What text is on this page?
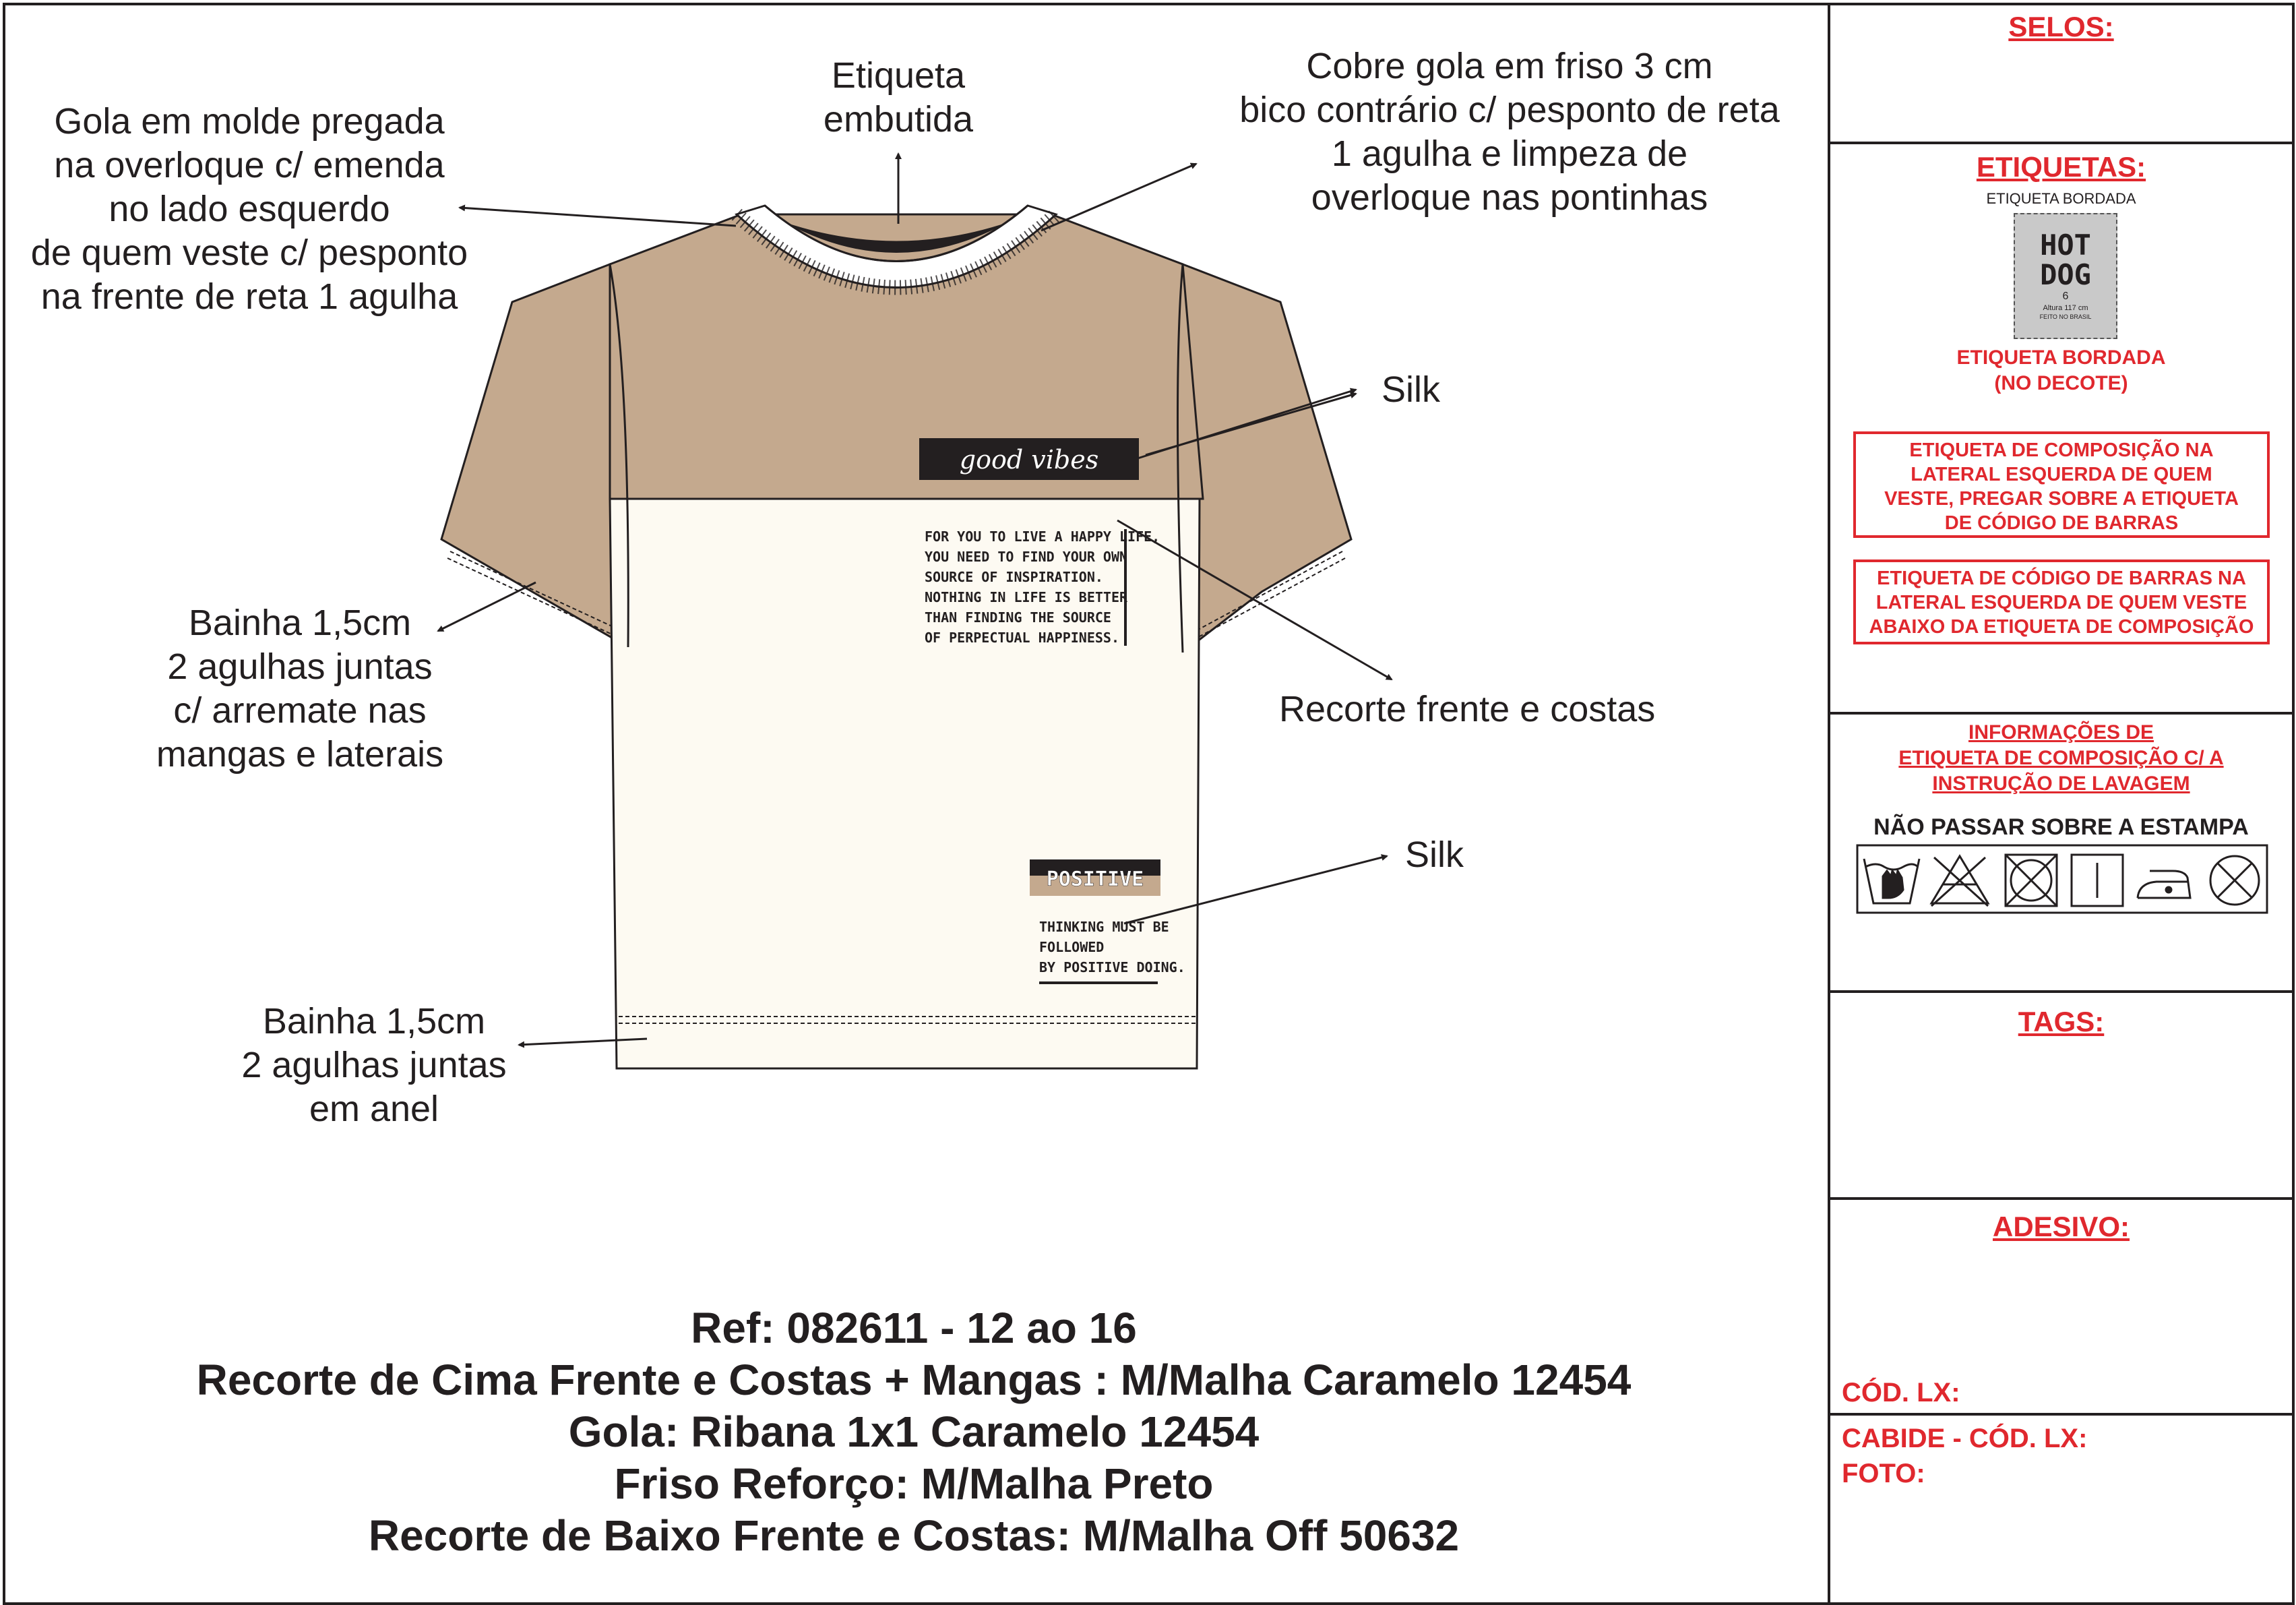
good vibes
FOR YOU TO LIVE A HAPPY LIFE,
YOU NEED TO FIND YOUR OWN
SOURCE OF INSPIRATION.
NOTHING IN LIFE IS BETTER
THAN FINDING THE SOURCE
OF PERPECTUAL HAPPINESS.
POSITIVE
THINKING MUST BE
FOLLOWED
BY POSITIVE DOING.
Gola em molde pregada
na overloque c/ emenda
no lado esquerdo
de quem veste c/ pesponto
na frente de reta 1 agulha
Etiqueta
embutida
Cobre gola em friso 3 cm
bico contrário c/ pesponto de reta
1 agulha e limpeza de
overloque nas pontinhas
Silk
Bainha 1,5cm
2 agulhas juntas
c/ arremate nas
mangas e laterais
Recorte frente e costas
Silk
Bainha 1,5cm
2 agulhas juntas
em anel
Ref: 082611 - 12 ao 16
Recorte de Cima Frente e Costas + Mangas : M/Malha Caramelo 12454
Gola: Ribana 1x1 Caramelo 12454
Friso Reforço: M/Malha Preto
Recorte de Baixo Frente e Costas: M/Malha Off 50632
SELOS:
ETIQUETAS:
ETIQUETA BORDADA
HOT
DOG
6
Altura 117 cm
FEITO NO BRASIL
ETIQUETA BORDADA
(NO DECOTE)
ETIQUETA DE COMPOSIÇÃO NA
LATERAL ESQUERDA DE QUEM
VESTE, PREGAR SOBRE A ETIQUETA
DE CÓDIGO DE BARRAS
ETIQUETA DE CÓDIGO DE BARRAS NA
LATERAL ESQUERDA DE QUEM VESTE
ABAIXO DA ETIQUETA DE COMPOSIÇÃO
INFORMAÇÕES DE
ETIQUETA DE COMPOSIÇÃO C/ A
INSTRUÇÃO DE LAVAGEM
NÃO PASSAR SOBRE A ESTAMPA
TAGS:
ADESIVO:
CÓD. LX:
CABIDE - CÓD. LX:
FOTO:
